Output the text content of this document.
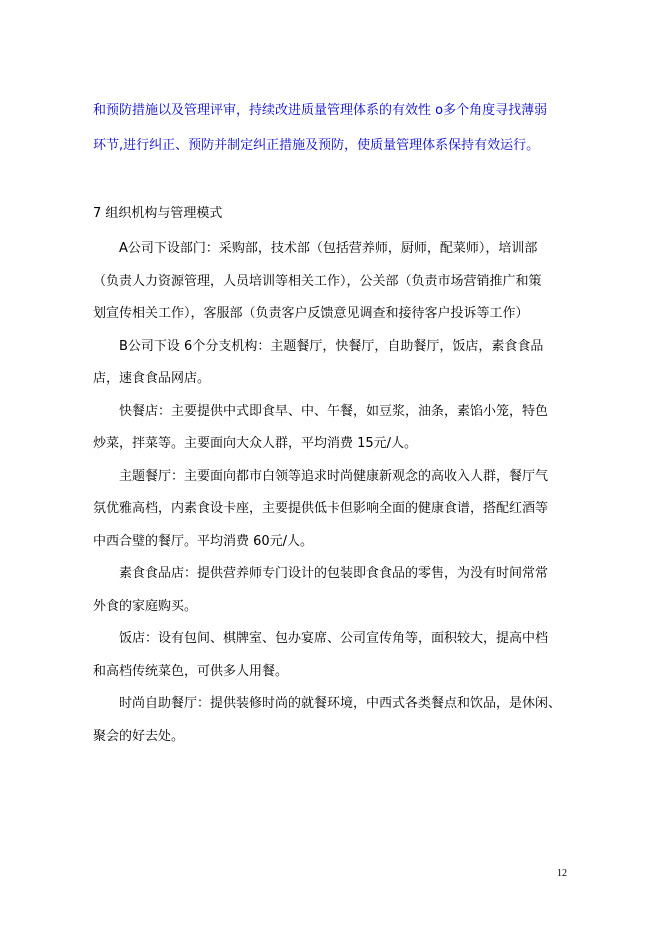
和预防措施以及管理评审，持续改进质量管理体系的有效性 o多个角度寻找薄弱
环节,进行纠正、预防并制定纠正措施及预防，使质量管理体系保持有效运行。
7 组织机构与管理模式
A公司下设部门：采购部，技术部（包括营养师，厨师，配菜师），培训部
（负责人力资源管理，人员培训等相关工作），公关部（负责市场营销推广和策
划宣传相关工作），客服部（负责客户反馈意见调查和接待客户投诉等工作）
B公司下设 6个分支机构：主题餐厅，快餐厅，自助餐厅，饭店，素食食品
店，速食食品网店。
快餐店：主要提供中式即食早、中、午餐，如豆浆，油条，素馅小笼，特色
炒菜，拌菜等。主要面向大众人群，平均消费 15元/人。
主题餐厅：主要面向都市白领等追求时尚健康新观念的高收入人群，餐厅气
氛优雅高档，内素食设卡座，主要提供低卡但影响全面的健康食谱，搭配红酒等
中西合璧的餐厅。平均消费 60元/人。
素食食品店：提供营养师专门设计的包装即食食品的零售，为没有时间常常
外食的家庭购买。
饭店：设有包间、棋牌室、包办宴席、公司宣传角等，面积较大，提高中档
和高档传统菜色，可供多人用餐。
时尚自助餐厅：提供装修时尚的就餐环境，中西式各类餐点和饮品，是休闲、
聚会的好去处。
12
